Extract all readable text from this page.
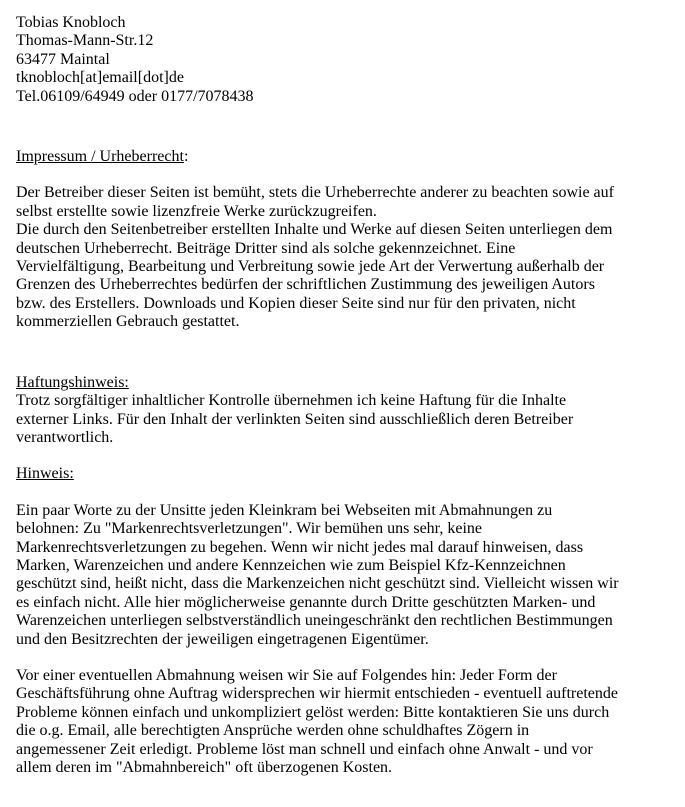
Tobias Knobloch
Thomas-Mann-Str.12
63477 Maintal
tknobloch[at]email[dot]de
Tel.06109/64949 oder 0177/7078438
Impressum / Urheberrecht:
Der Betreiber dieser Seiten ist bemüht, stets die Urheberrechte anderer zu beachten sowie auf
selbst erstellte sowie lizenzfreie Werke zurückzugreifen.
Die durch den Seitenbetreiber erstellten Inhalte und Werke auf diesen Seiten unterliegen dem
deutschen Urheberrecht. Beiträge Dritter sind als solche gekennzeichnet. Eine
Vervielfältigung, Bearbeitung und Verbreitung sowie jede Art der Verwertung außerhalb der
Grenzen des Urheberrechtes bedürfen der schriftlichen Zustimmung des jeweiligen Autors
bzw. des Erstellers. Downloads und Kopien dieser Seite sind nur für den privaten, nicht
kommerziellen Gebrauch gestattet.
Haftungshinweis:
Trotz sorgfältiger inhaltlicher Kontrolle übernehmen ich keine Haftung für die Inhalte
externer Links. Für den Inhalt der verlinkten Seiten sind ausschließlich deren Betreiber
verantwortlich.
Hinweis:
Ein paar Worte zu der Unsitte jeden Kleinkram bei Webseiten mit Abmahnungen zu
belohnen: Zu "Markenrechtsverletzungen". Wir bemühen uns sehr, keine
Markenrechtsverletzungen zu begehen. Wenn wir nicht jedes mal darauf hinweisen, dass
Marken, Warenzeichen und andere Kennzeichen wie zum Beispiel Kfz-Kennzeichnen
geschützt sind, heißt nicht, dass die Markenzeichen nicht geschützt sind. Vielleicht wissen wir
es einfach nicht. Alle hier möglicherweise genannte durch Dritte geschützten Marken- und
Warenzeichen unterliegen selbstverständlich uneingeschränkt den rechtlichen Bestimmungen
und den Besitzrechten der jeweiligen eingetragenen Eigentümer.
Vor einer eventuellen Abmahnung weisen wir Sie auf Folgendes hin: Jeder Form der
Geschäftsführung ohne Auftrag widersprechen wir hiermit entschieden - eventuell auftretende
Probleme können einfach und unkompliziert gelöst werden: Bitte kontaktieren Sie uns durch
die o.g. Email, alle berechtigten Ansprüche werden ohne schuldhaftes Zögern in
angemessener Zeit erledigt. Probleme löst man schnell und einfach ohne Anwalt - und vor
allem deren im "Abmahnbereich" oft überzogenen Kosten.
